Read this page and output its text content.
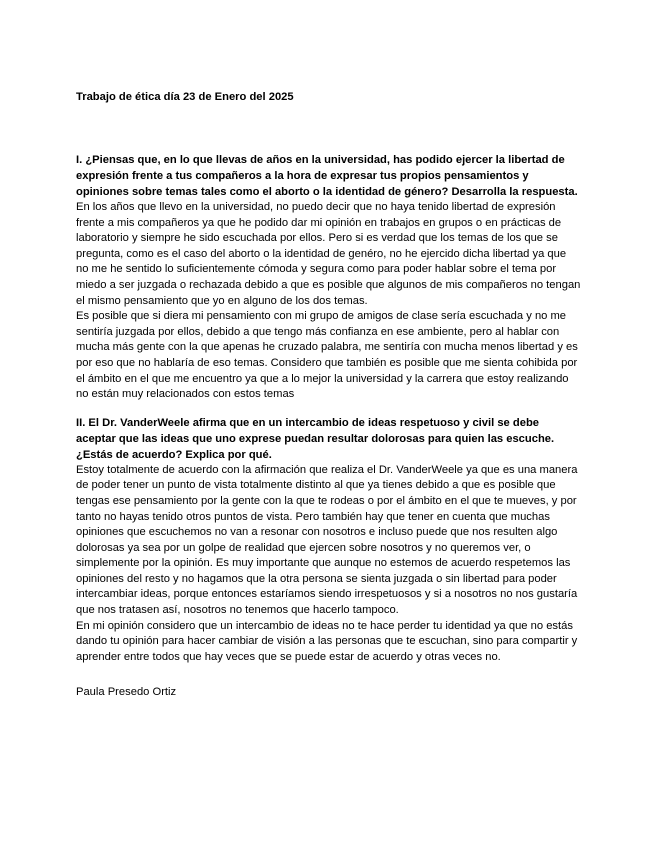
Trabajo de ética día 23 de Enero del 2025

I. ¿Piensas que, en lo que llevas de años en la universidad, has podido ejercer la libertad de expresión frente a tus compañeros a la hora de expresar tus propios pensamientos y opiniones sobre temas tales como el aborto o la identidad de género? Desarrolla la respuesta.

En los años que llevo en la universidad, no puedo decir que no haya tenido libertad de expresión frente a mis compañeros ya que he podido dar mi opinión en trabajos en grupos o en prácticas de laboratorio y siempre he sido escuchada por ellos. Pero si es verdad que los temas de los que se pregunta, como es el caso del aborto o la identidad de genéro, no he ejercido dicha libertad ya que no me he sentido lo suficientemente cómoda y segura como para poder hablar sobre el tema por miedo a ser juzgada o rechazada debido a que es posible que algunos de mis compañeros no tengan el mismo pensamiento que yo en alguno de los dos temas.

Es posible que si diera mi pensamiento con mi grupo de amigos de clase sería escuchada y no me sentiría juzgada por ellos, debido a que tengo más confianza en ese ambiente, pero al hablar con mucha más gente con la que apenas he cruzado palabra, me sentiría con mucha menos libertad y es por eso que no hablaría de eso temas. Considero que también es posible que me sienta cohibida por el ámbito en el que me encuentro ya que a lo mejor la universidad y la carrera que estoy realizando no están muy relacionados con estos temas

II. El Dr. VanderWeele afirma que en un intercambio de ideas respetuoso y civil se debe aceptar que las ideas que uno exprese puedan resultar dolorosas para quien las escuche. ¿Estás de acuerdo? Explica por qué.

Estoy totalmente de acuerdo con la afirmación que realiza el Dr. VanderWeele ya que es una manera de poder tener un punto de vista totalmente distinto al que ya tienes debido a que es posible que tengas ese pensamiento por la gente con la que te rodeas o por el ámbito en el que te mueves, y por tanto no hayas tenido otros puntos de vista. Pero también hay que tener en cuenta que muchas opiniones que escuchemos no van a resonar con nosotros e incluso puede que nos resulten algo dolorosas ya sea por un golpe de realidad que ejercen sobre nosotros y no queremos ver, o simplemente por la opinión. Es muy importante que aunque no estemos de acuerdo respetemos las opiniones del resto y no hagamos que la otra persona se sienta juzgada o sin libertad para poder intercambiar ideas, porque entonces estaríamos siendo irrespetuosos y si a nosotros no nos gustaría que nos tratasen así, nosotros no tenemos que hacerlo tampoco.

En mi opinión considero que un intercambio de ideas no te hace perder tu identidad ya que no estás dando tu opinión para hacer cambiar de visión a las personas que te escuchan, sino para compartir y aprender entre todos que hay veces que se puede estar de acuerdo y otras veces no.

Paula Presedo Ortiz
